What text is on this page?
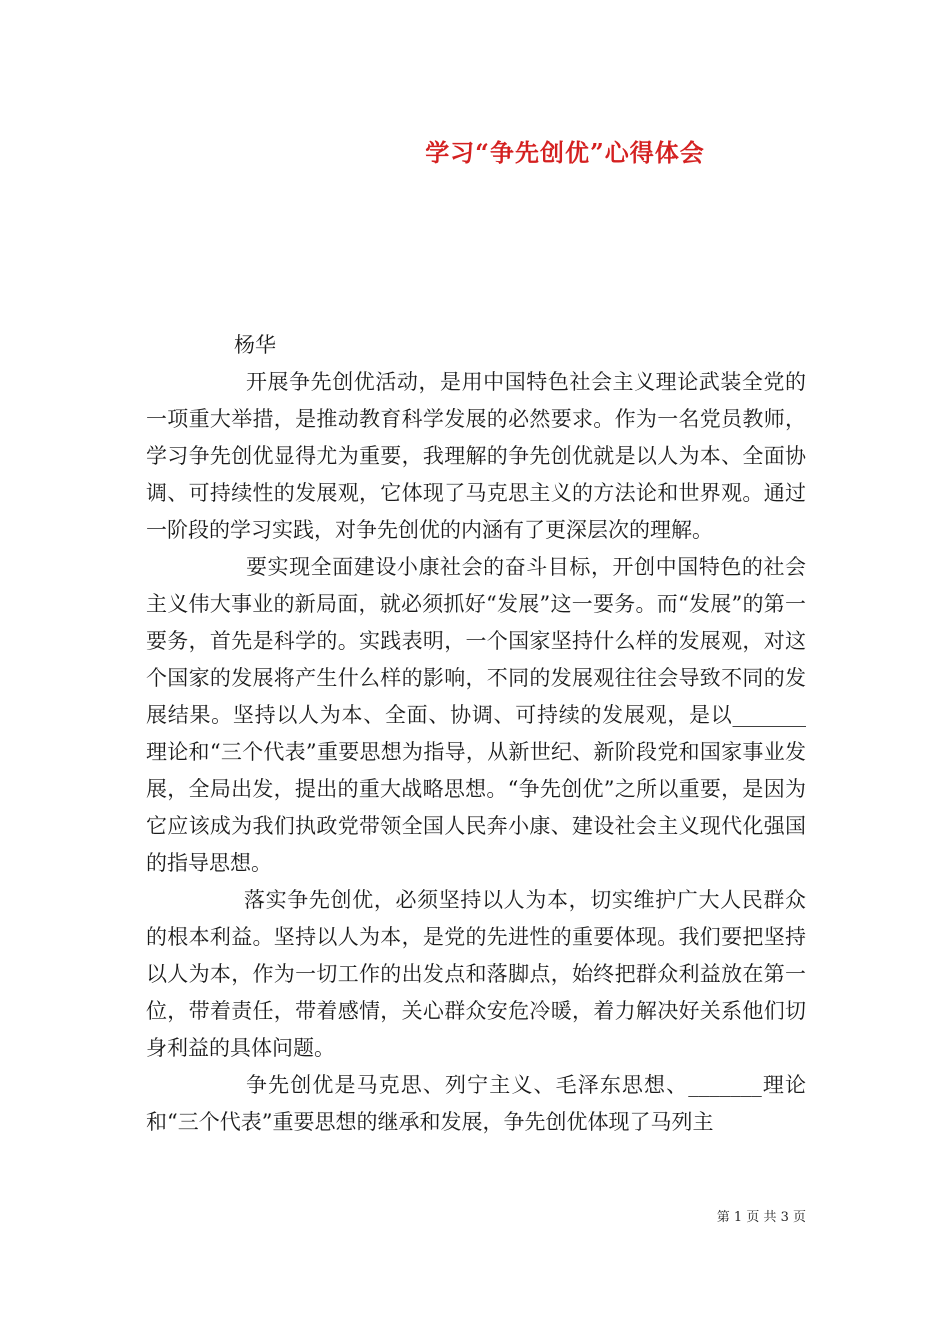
学习“争先创优”心得体会

杨华

开展争先创优活动，是用中国特色社会主义理论武装全党的一项重大举措，是推动教育科学发展的必然要求。作为一名党员教师，学习争先创优显得尤为重要，我理解的争先创优就是以人为本、全面协调、可持续性的发展观，它体现了马克思主义的方法论和世界观。通过一阶段的学习实践，对争先创优的内涵有了更深层次的理解。

要实现全面建设小康社会的奋斗目标，开创中国特色的社会主义伟大事业的新局面，就必须抓好“发展”这一要务。而“发展”的第一要务，首先是科学的。实践表明，一个国家坚持什么样的发展观，对这个国家的发展将产生什么样的影响，不同的发展观往往会导致不同的发展结果。坚持以人为本、全面、协调、可持续的发展观，是以_______理论和“三个代表”重要思想为指导，从新世纪、新阶段党和国家事业发展，全局出发，提出的重大战略思想。“争先创优”之所以重要，是因为它应该成为我们执政党带领全国人民奔小康、建设社会主义现代化强国的指导思想。

落实争先创优，必须坚持以人为本，切实维护广大人民群众的根本利益。坚持以人为本，是党的先进性的重要体现。我们要把坚持以人为本，作为一切工作的出发点和落脚点，始终把群众利益放在第一位，带着责任，带着感情，关心群众安危冷暖，着力解决好关系他们切身利益的具体问题。

争先创优是马克思、列宁主义、毛泽东思想、_______理论和“三个代表”重要思想的继承和发展，争先创优体现了马列主

第 1 页 共 3 页
